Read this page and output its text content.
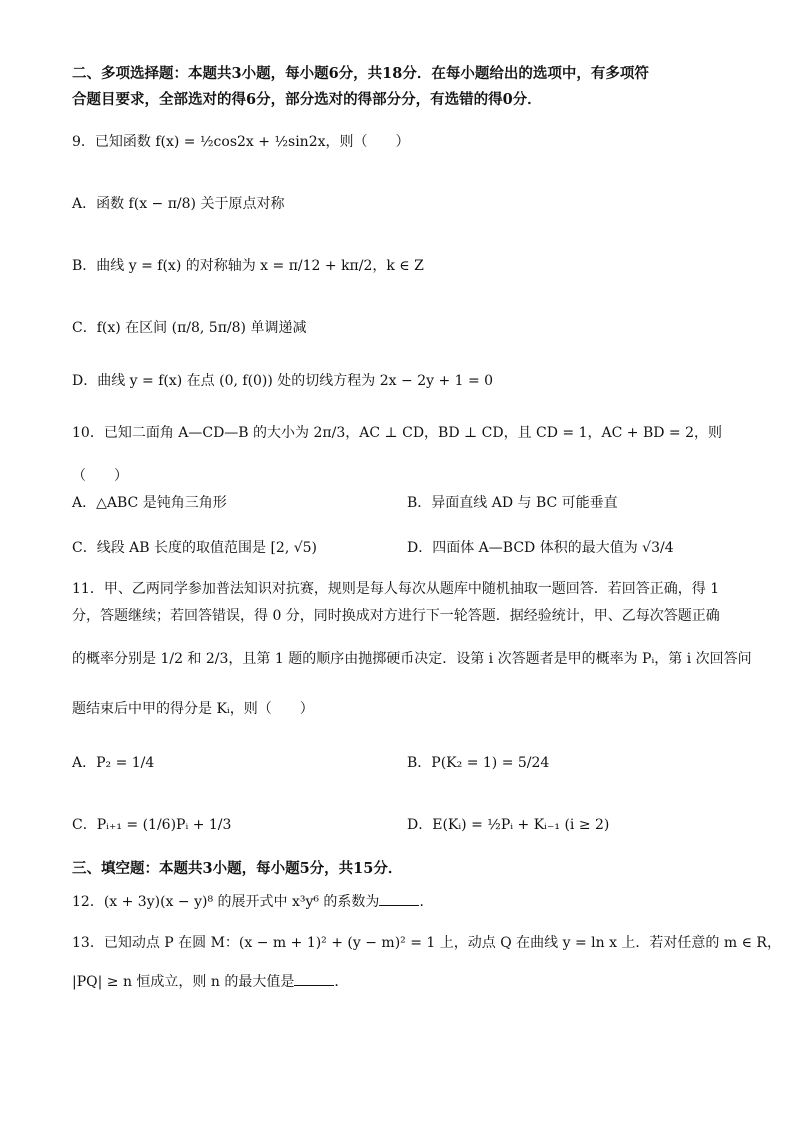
二、多项选择题：本题共3小题，每小题6分，共18分．在每小题给出的选项中，有多项符
合题目要求，全部选对的得6分，部分选对的得部分分，有选错的得0分．
9．已知函数 f(x) = ½cos2x + ½sin2x，则（　　）
A．函数 f(x − π/8) 关于原点对称
B．曲线 y = f(x) 的对称轴为 x = π/12 + kπ/2，k ∈ Z
C．f(x) 在区间 (π/8, 5π/8) 单调递减
D．曲线 y = f(x) 在点 (0, f(0)) 处的切线方程为 2x − 2y + 1 = 0
10．已知二面角 A—CD—B 的大小为 2π/3，AC ⊥ CD，BD ⊥ CD，且 CD = 1，AC + BD = 2，则
（　　）
A．△ABC 是钝角三角形	B．异面直线 AD 与 BC 可能垂直
C．线段 AB 长度的取值范围是 [2, √5)	D．四面体 A—BCD 体积的最大值为 √3/4
11．甲、乙两同学参加普法知识对抗赛，规则是每人每次从题库中随机抽取一题回答．若回答正确，得 1
分，答题继续；若回答错误，得 0 分，同时换成对方进行下一轮答题．据经验统计，甲、乙每次答题正确
的概率分别是 1/2 和 2/3，且第 1 题的顺序由抛掷硬币决定．设第 i 次答题者是甲的概率为 Pᵢ，第 i 次回答问
题结束后中甲的得分是 Kᵢ，则（　　）
A．P₂ = 1/4	B．P(K₂ = 1) = 5/24
C．Pᵢ₊₁ = (1/6)Pᵢ + 1/3	D．E(Kᵢ) = ½Pᵢ + Kᵢ₋₁ (i ≥ 2)
三、填空题：本题共3小题，每小题5分，共15分．
12．(x + 3y)(x − y)⁸ 的展开式中 x³y⁶ 的系数为	．
13．已知动点 P 在圆 M：(x − m + 1)² + (y − m)² = 1 上，动点 Q 在曲线 y = ln x 上．若对任意的 m ∈ R，
|PQ| ≥ n 恒成立，则 n 的最大值是	．
